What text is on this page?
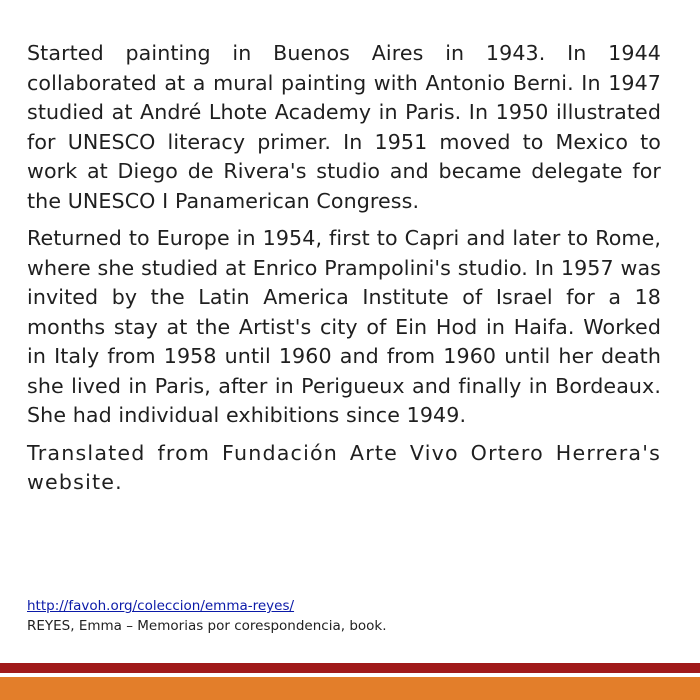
Started painting in Buenos Aires in 1943. In 1944 collaborated at a mural painting with Antonio Berni. In 1947 studied at André Lhote Academy in Paris. In 1950 illustrated for UNESCO literacy primer. In 1951 moved to Mexico to work at Diego de Rivera's studio and became delegate for the UNESCO I Panamerican Congress.

Returned to Europe in 1954, first to Capri and later to Rome, where she studied at Enrico Prampolini's studio. In 1957 was invited by the Latin America Institute of Israel for a 18 months stay at the Artist's city of Ein Hod in Haifa. Worked in Italy from 1958 until 1960 and from 1960 until her death she lived in Paris, after in Perigueux and finally in Bordeaux. She had individual exhibitions since 1949.

Translated from Fundación Arte Vivo Ortero Herrera's website.

http://favoh.org/coleccion/emma-reyes/
REYES, Emma – Memorias por corespondencia, book.
